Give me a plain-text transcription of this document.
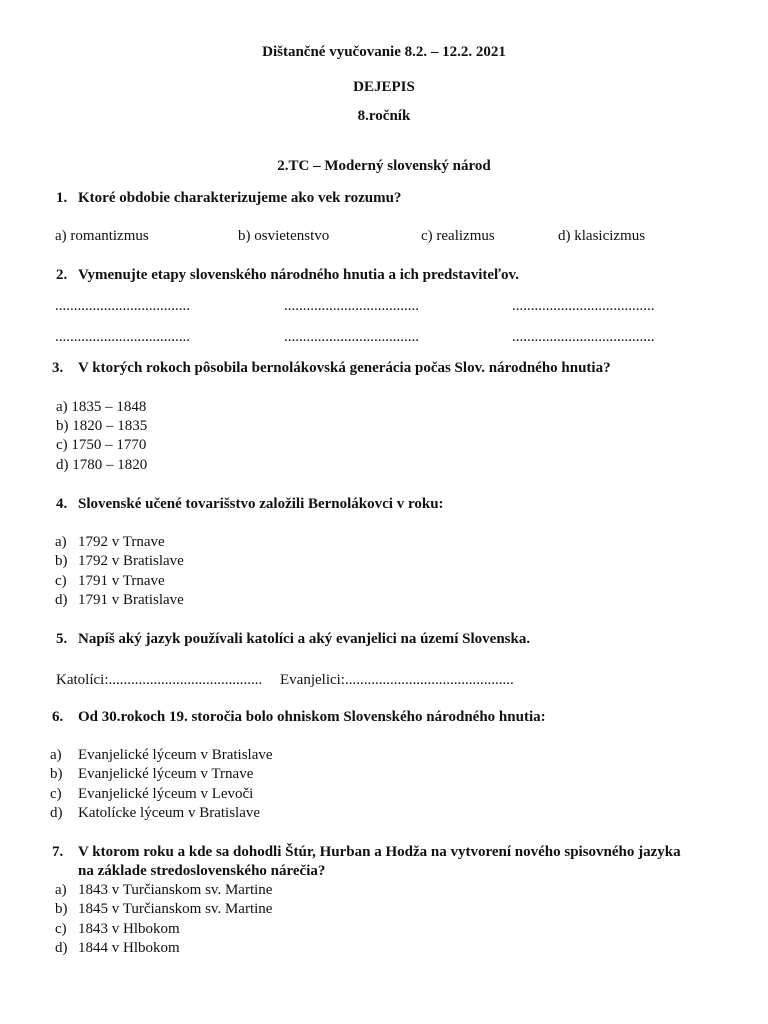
Dištančné vyučovanie 8.2. – 12.2. 2021
DEJEPIS
8.ročník
2.TC – Moderný slovenský národ
1. Ktoré obdobie charakterizujeme ako vek rozumu?
a) romantizmus	b) osvietenstvo	c) realizmus	d) klasicizmus
2. Vymenujte etapy slovenského národného hnutia a ich predstaviteľov.
....................................	....................................	......................................
....................................	....................................	......................................
3. V ktorých rokoch pôsobila bernolákovská generácia počas Slov. národného hnutia?
a) 1835 – 1848
b) 1820 – 1835
c) 1750 – 1770
d) 1780 – 1820
4. Slovenské učené tovarišstvo založili Bernolákovci v roku:
a) 1792 v Trnave
b) 1792 v Bratislave
c) 1791 v Trnave
d) 1791 v Bratislave
5. Napíš aký jazyk používali katolíci a aký evanjelici na území Slovenska.
Katolíci:......................................... Evanjelici:.............................................
6. Od 30.rokoch 19. storočia bolo ohniskom Slovenského národného hnutia:
a) Evanjelické lýceum v Bratislave
b) Evanjelické lýceum v Trnave
c) Evanjelické lýceum v Levoči
d) Katolícke lýceum v Bratislave
7. V ktorom roku a kde sa dohodli Štúr, Hurban a Hodža na vytvorení nového spisovného jazyka
na základe stredoslovenského nárečia?
a) 1843 v Turčianskom sv. Martine
b) 1845 v Turčianskom sv. Martine
c) 1843 v Hlbokom
d) 1844 v Hlbokom
